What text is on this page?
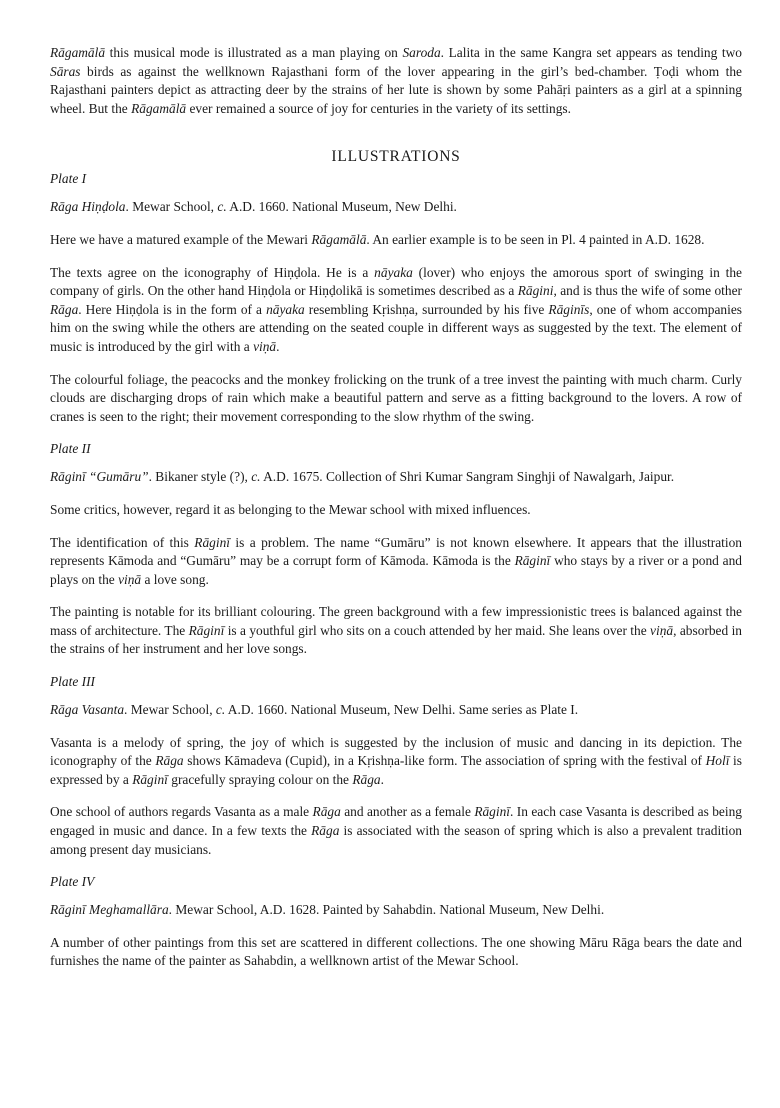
Rāgamālā this musical mode is illustrated as a man playing on Saroda. Lalita in the same Kangra set appears as tending two Sāras birds as against the wellknown Rajasthani form of the lover appearing in the girl’s bed-chamber. Ṭoḍi whom the Rajasthani painters depict as attracting deer by the strains of her lute is shown by some Pahāṛi painters as a girl at a spinning wheel. But the Rāgamālā ever remained a source of joy for centuries in the variety of its settings.

ILLUSTRATIONS
Plate I

Rāga Hiṇḍola. Mewar School, c. A.D. 1660. National Museum, New Delhi.

Here we have a matured example of the Mewari Rāgamālā. An earlier example is to be seen in Pl. 4 painted in A.D. 1628.

The texts agree on the iconography of Hiṇḍola. He is a nāyaka (lover) who enjoys the amorous sport of swinging in the company of girls. On the other hand Hiṇḍola or Hiṇḍolikā is sometimes described as a Rāgini, and is thus the wife of some other Rāga. Here Hiṇḍola is in the form of a nāyaka resembling Kṛishṇa, surrounded by his five Rāginīs, one of whom accompanies him on the swing while the others are attending on the seated couple in different ways as suggested by the text. The element of music is introduced by the girl with a viṇā.

The colourful foliage, the peacocks and the monkey frolicking on the trunk of a tree invest the painting with much charm. Curly clouds are discharging drops of rain which make a beautiful pattern and serve as a fitting background to the lovers. A row of cranes is seen to the right; their movement corresponding to the slow rhythm of the swing.

Plate II

Rāginī “Gumāru”. Bikaner style (?), c. A.D. 1675. Collection of Shri Kumar Sangram Singhji of Nawalgarh, Jaipur.

Some critics, however, regard it as belonging to the Mewar school with mixed influences.

The identification of this Rāginī is a problem. The name “Gumāru” is not known elsewhere. It appears that the illustration represents Kāmoda and “Gumāru” may be a corrupt form of Kāmoda. Kāmoda is the Rāginī who stays by a river or a pond and plays on the viṇā a love song.

The painting is notable for its brilliant colouring. The green background with a few impressionistic trees is balanced against the mass of architecture. The Rāginī is a youthful girl who sits on a couch attended by her maid. She leans over the viṇā, absorbed in the strains of her instrument and her love songs.

Plate III

Rāga Vasanta. Mewar School, c. A.D. 1660. National Museum, New Delhi. Same series as Plate I.

Vasanta is a melody of spring, the joy of which is suggested by the inclusion of music and dancing in its depiction. The iconography of the Rāga shows Kāmadeva (Cupid), in a Kṛishṇa-like form. The association of spring with the festival of Holī is expressed by a Rāginī gracefully spraying colour on the Rāga.

One school of authors regards Vasanta as a male Rāga and another as a female Rāginī. In each case Vasanta is described as being engaged in music and dance. In a few texts the Rāga is associated with the season of spring which is also a prevalent tradition among present day musicians.

Plate IV

Rāginī Meghamallāra. Mewar School, A.D. 1628. Painted by Sahabdin. National Museum, New Delhi.

A number of other paintings from this set are scattered in different collections. The one showing Māru Rāga bears the date and furnishes the name of the painter as Sahabdin, a wellknown artist of the Mewar School.
